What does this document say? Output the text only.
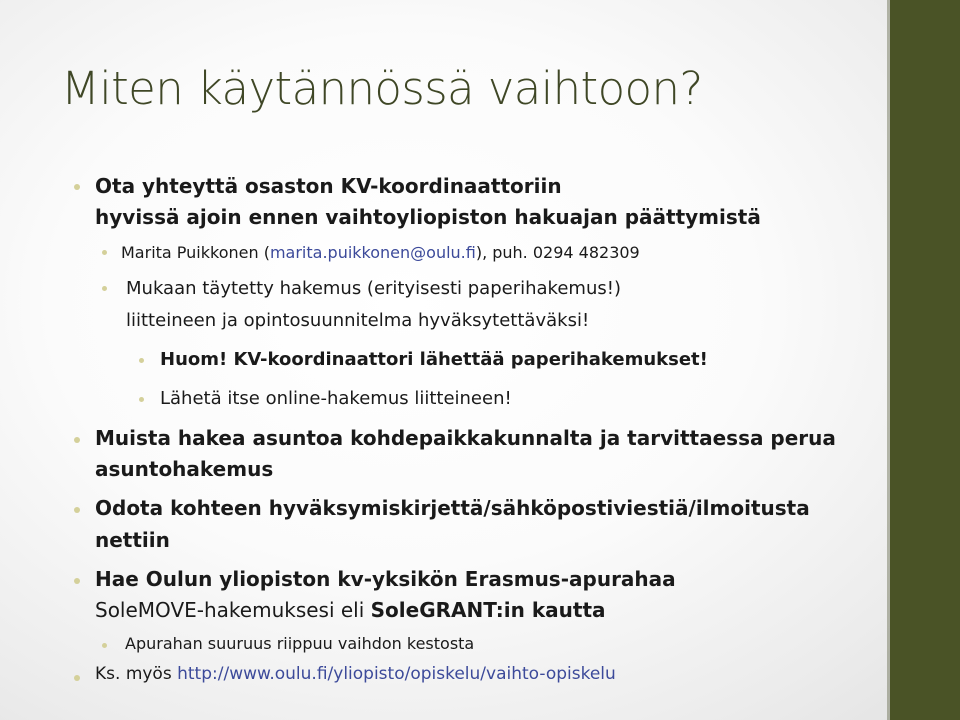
Miten käytännössä vaihtoon?
Ota yhteyttä osaston KV-koordinaattoriin
hyvissä ajoin ennen vaihtoyliopiston hakuajan päättymistä
Marita Puikkonen (marita.puikkonen@oulu.fi), puh. 0294 482309
Mukaan täytetty hakemus (erityisesti paperihakemus!)
liitteineen ja opintosuunnitelma hyväksytettäväksi!
Huom! KV-koordinaattori lähettää paperihakemukset!
Lähetä itse online-hakemus liitteineen!
Muista hakea asuntoa kohdepaikkakunnalta ja tarvittaessa perua
asuntohakemus
Odota kohteen hyväksymiskirjettä/sähköpostiviestiä/ilmoitusta
nettiin
Hae Oulun yliopiston kv-yksikön Erasmus-apurahaa
SoleMOVE-hakemuksesi eli SoleGRANT:in kautta
Apurahan suuruus riippuu vaihdon kestosta
Ks. myös http://www.oulu.fi/yliopisto/opiskelu/vaihto-opiskelu
